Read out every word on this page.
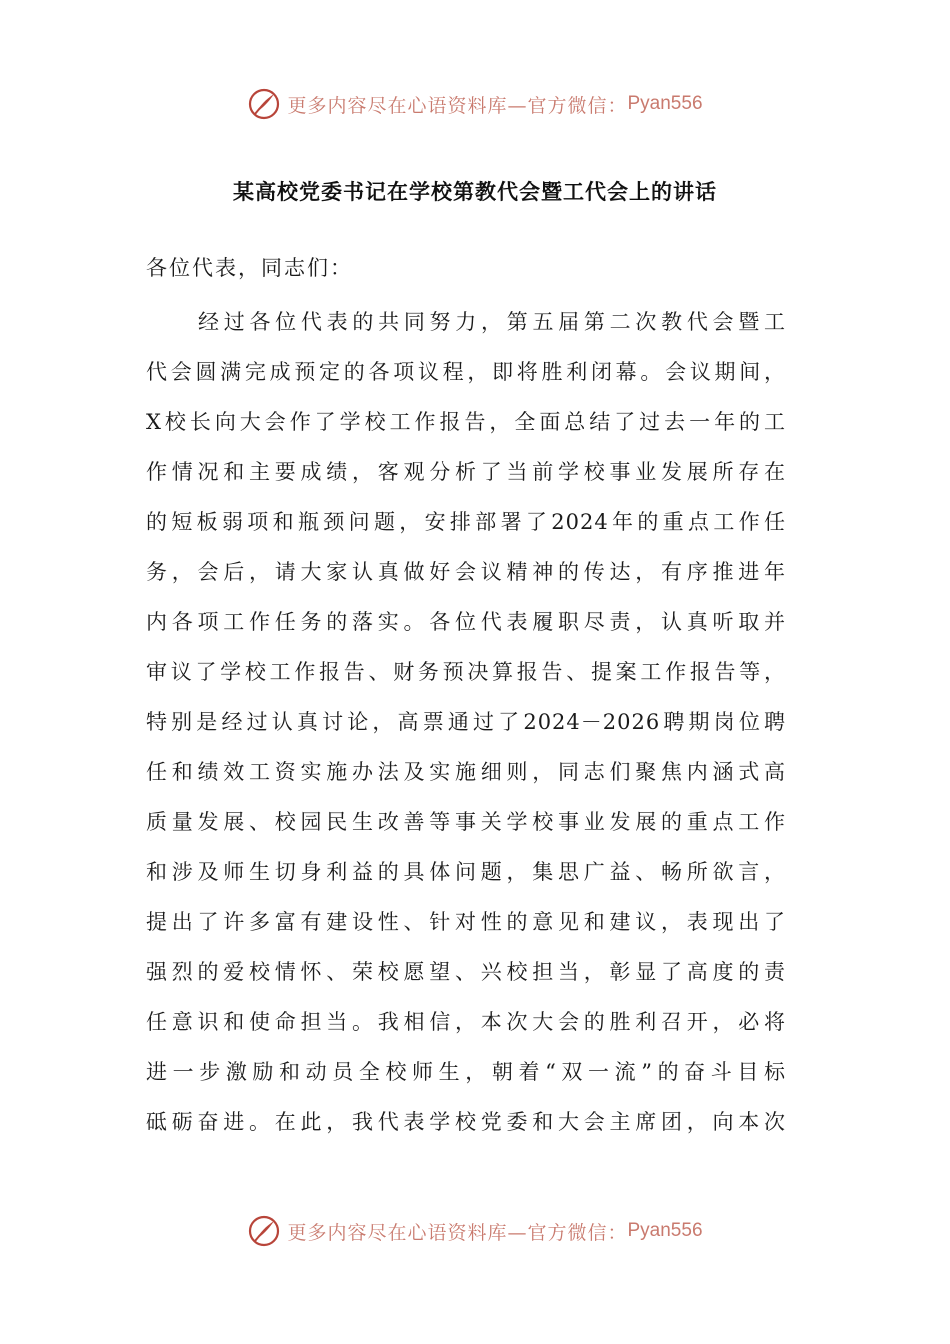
更多内容尽在心语资料库—官方微信： Pyan556
某高校党委书记在学校第教代会暨工代会上的讲话
各位代表，同志们：
经过各位代表的共同努力，第五届第二次教代会暨工
代会圆满完成预定的各项议程，即将胜利闭幕。会议期间，
X校长向大会作了学校工作报告，全面总结了过去一年的工
作情况和主要成绩，客观分析了当前学校事业发展所存在
的短板弱项和瓶颈问题，安排部署了2024年的重点工作任
务，会后，请大家认真做好会议精神的传达，有序推进年
内各项工作任务的落实。各位代表履职尽责，认真听取并
审议了学校工作报告、财务预决算报告、提案工作报告等，
特别是经过认真讨论，高票通过了2024－2026聘期岗位聘
任和绩效工资实施办法及实施细则，同志们聚焦内涵式高
质量发展、校园民生改善等事关学校事业发展的重点工作
和涉及师生切身利益的具体问题，集思广益、畅所欲言，
提出了许多富有建设性、针对性的意见和建议，表现出了
强烈的爱校情怀、荣校愿望、兴校担当，彰显了高度的责
任意识和使命担当。我相信，本次大会的胜利召开，必将
进一步激励和动员全校师生，朝着“双一流”的奋斗目标
砥砺奋进。在此，我代表学校党委和大会主席团，向本次
更多内容尽在心语资料库—官方微信： Pyan556
